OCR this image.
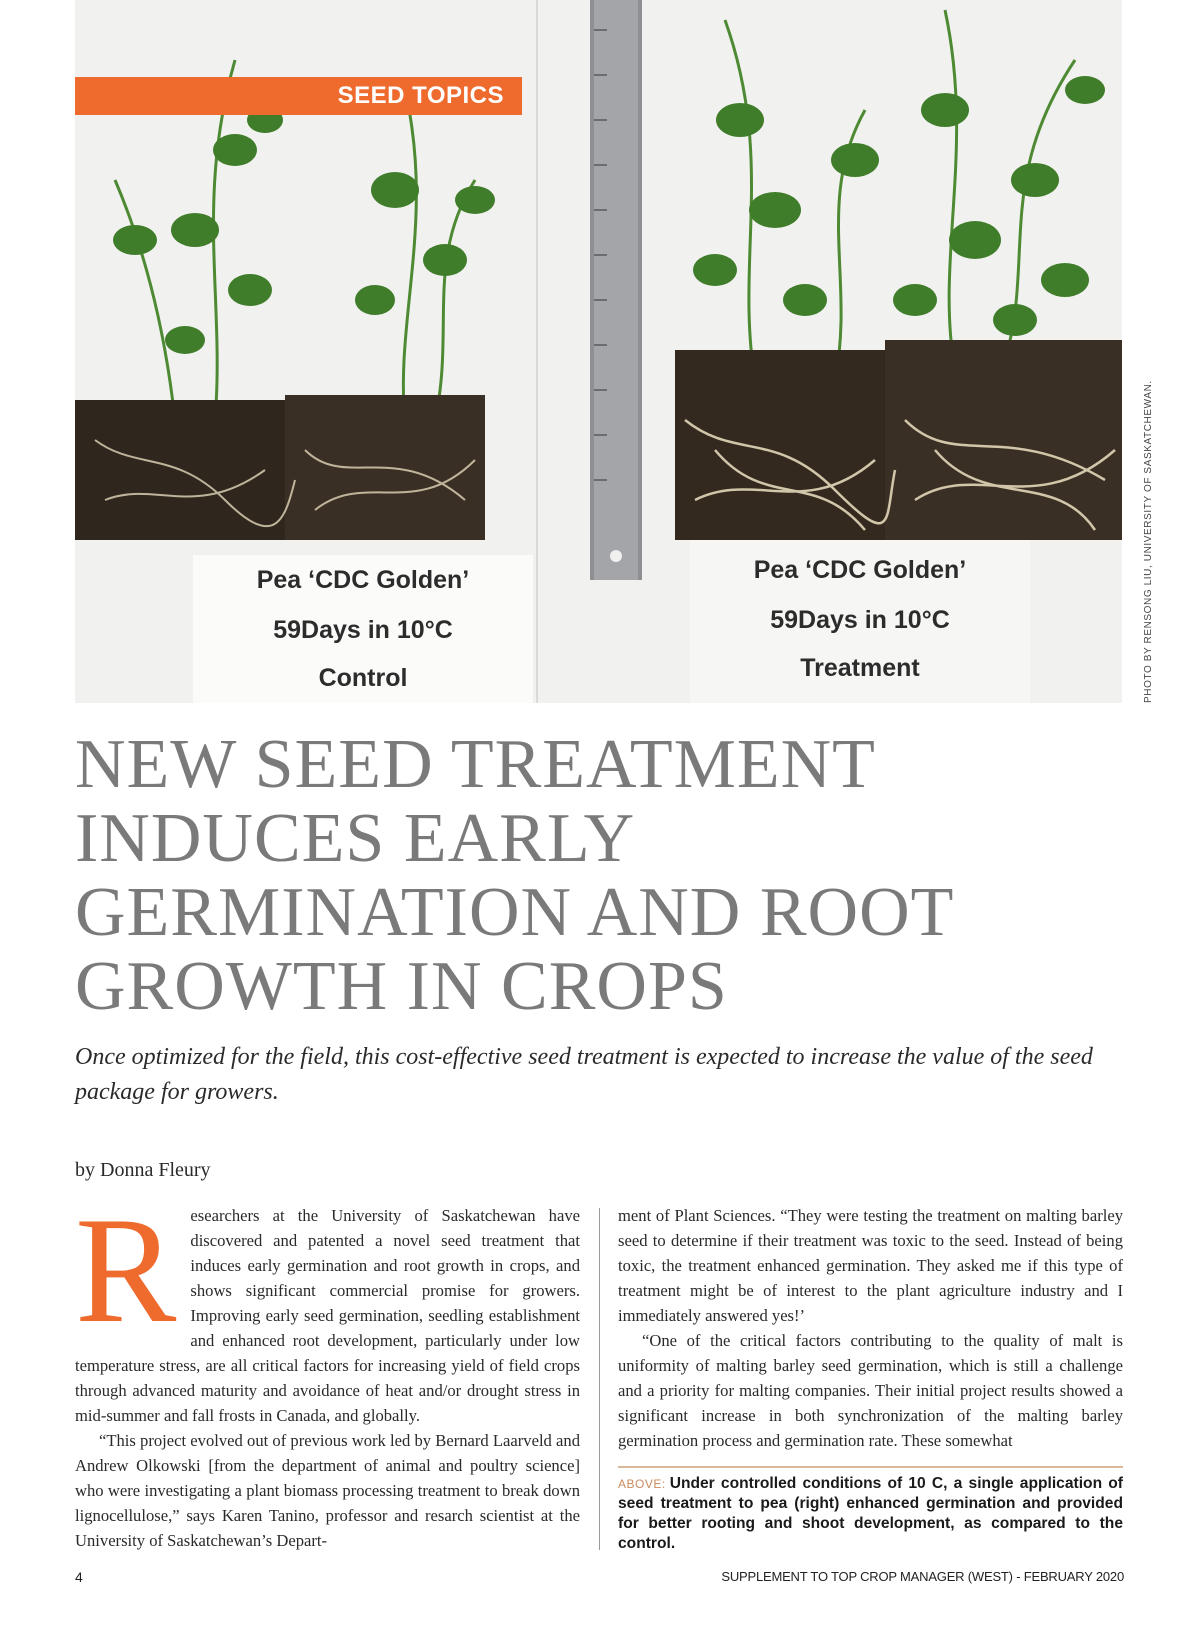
SEED TOPICS
Pea ‘CDC Golden’
59Days in 10°C
Control
Pea ‘CDC Golden’
59Days in 10°C
Treatment	PHOTO BY RENSONG LIU, UNIVERSITY OF SASKATCHEWAN.
NEW SEED TREATMENT
INDUCES EARLY
GERMINATION AND ROOT
GROWTH IN CROPS

Once optimized for the field, this cost-effective seed treatment is expected to increase the value of the seed package for growers.

by Donna Fleury

Researchers at the University of Saskatchewan have discovered and patented a novel seed treatment that induces early germination and root growth in crops, and shows significant commercial promise for growers. Improving early seed germination, seedling establishment and enhanced root development, particularly under low temperature stress, are all critical factors for increasing yield of field crops through advanced maturity and avoidance of heat and/or drought stress in mid-summer and fall frosts in Canada, and globally.

“This project evolved out of previous work led by Bernard Laarveld and Andrew Olkowski [from the department of animal and poultry science] who were investigating a plant biomass processing treatment to break down lignocellulose,” says Karen Tanino, professor and resarch scientist at the University of Saskatchewan’s Depart-

ment of Plant Sciences. “They were testing the treatment on malting barley seed to determine if their treatment was toxic to the seed. Instead of being toxic, the treatment enhanced germination. They asked me if this type of treatment might be of interest to the plant agriculture industry and I immediately answered yes!’

“One of the critical factors contributing to the quality of malt is uniformity of malting barley seed germination, which is still a challenge and a priority for malting companies. Their initial project results showed a significant increase in both synchronization of the malting barley germination process and germination rate. These somewhat

ABOVE: Under controlled conditions of 10 C, a single application of seed treatment to pea (right) enhanced germination and provided for better rooting and shoot development, as compared to the control.

4	SUPPLEMENT TO TOP CROP MANAGER (WEST) - FEBRUARY 2020
